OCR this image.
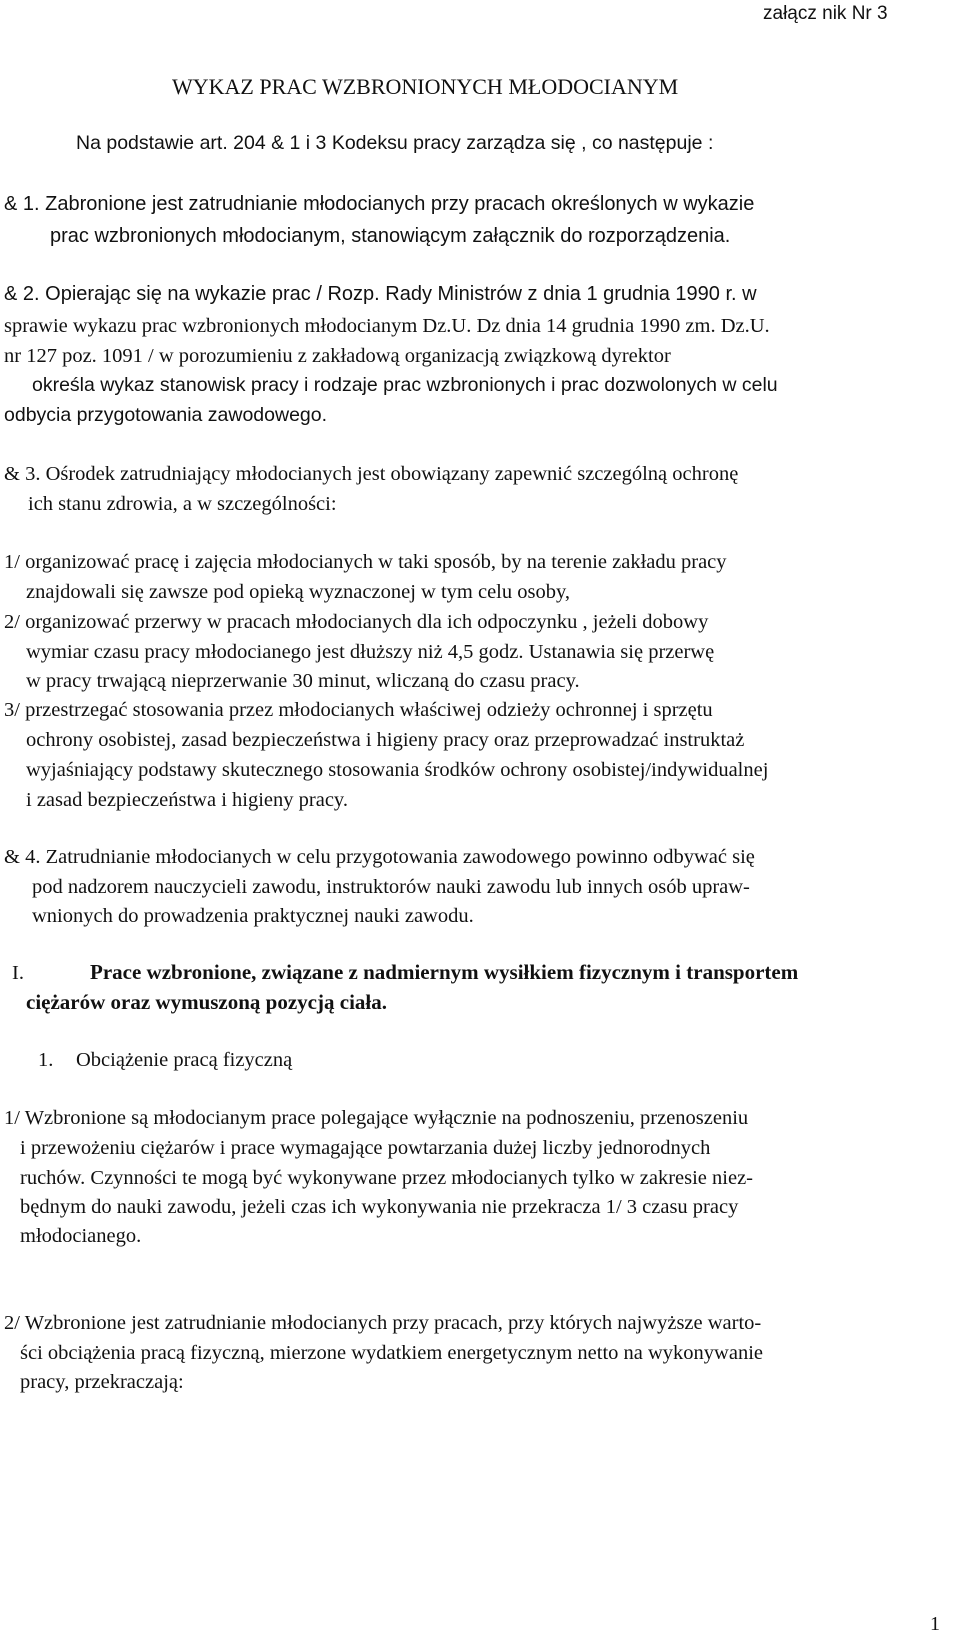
załącz nik Nr 3
WYKAZ PRAC WZBRONIONYCH MŁODOCIANYM
Na podstawie art. 204 & 1 i 3 Kodeksu pracy zarządza się , co następuje :
& 1. Zabronione jest zatrudnianie młodocianych przy pracach określonych w wykazie
prac wzbronionych młodocianym, stanowiącym załącznik do rozporządzenia.
& 2. Opierając się na wykazie prac / Rozp. Rady Ministrów z dnia 1 grudnia 1990 r. w
sprawie wykazu prac wzbronionych młodocianym Dz.U. Dz dnia 14 grudnia 1990 zm. Dz.U.
nr 127 poz. 1091 / w porozumieniu z zakładową organizacją związkową dyrektor
określa wykaz stanowisk pracy i rodzaje prac wzbronionych i prac dozwolonych w celu
odbycia przygotowania zawodowego.
& 3. Ośrodek zatrudniający młodocianych jest obowiązany zapewnić szczególną ochronę
ich stanu zdrowia, a w szczególności:
1/ organizować pracę i zajęcia młodocianych w taki sposób, by na terenie zakładu pracy
znajdowali się zawsze pod opieką wyznaczonej w tym celu osoby,
2/ organizować przerwy w pracach młodocianych dla ich odpoczynku , jeżeli dobowy
wymiar czasu pracy młodocianego jest dłuższy niż 4,5 godz. Ustanawia się przerwę
w pracy trwającą nieprzerwanie 30 minut, wliczaną do czasu pracy.
3/ przestrzegać stosowania przez młodocianych właściwej odzieży ochronnej i sprzętu
ochrony osobistej, zasad bezpieczeństwa i higieny pracy oraz przeprowadzać instruktaż
wyjaśniający podstawy skutecznego stosowania środków ochrony osobistej/indywidualnej
i zasad bezpieczeństwa i higieny pracy.
& 4. Zatrudnianie młodocianych w celu przygotowania zawodowego powinno odbywać się
pod nadzorem nauczycieli zawodu, instruktorów nauki zawodu lub innych osób upraw-
wnionych do prowadzenia praktycznej nauki zawodu.
I.	Prace wzbronione, związane z nadmiernym wysiłkiem fizycznym i transportem
ciężarów oraz wymuszoną pozycją ciała.
1. Obciążenie pracą fizyczną
1/ Wzbronione są młodocianym prace polegające wyłącznie na podnoszeniu, przenoszeniu
i przewożeniu ciężarów i prace wymagające powtarzania dużej liczby jednorodnych
ruchów. Czynności te mogą być wykonywane przez młodocianych tylko w zakresie niez-
będnym do nauki zawodu, jeżeli czas ich wykonywania nie przekracza 1/ 3 czasu pracy
młodocianego.
2/ Wzbronione jest zatrudnianie młodocianych przy pracach, przy których najwyższe warto-
ści obciążenia pracą fizyczną, mierzone wydatkiem energetycznym netto na wykonywanie
pracy, przekraczają:
1
